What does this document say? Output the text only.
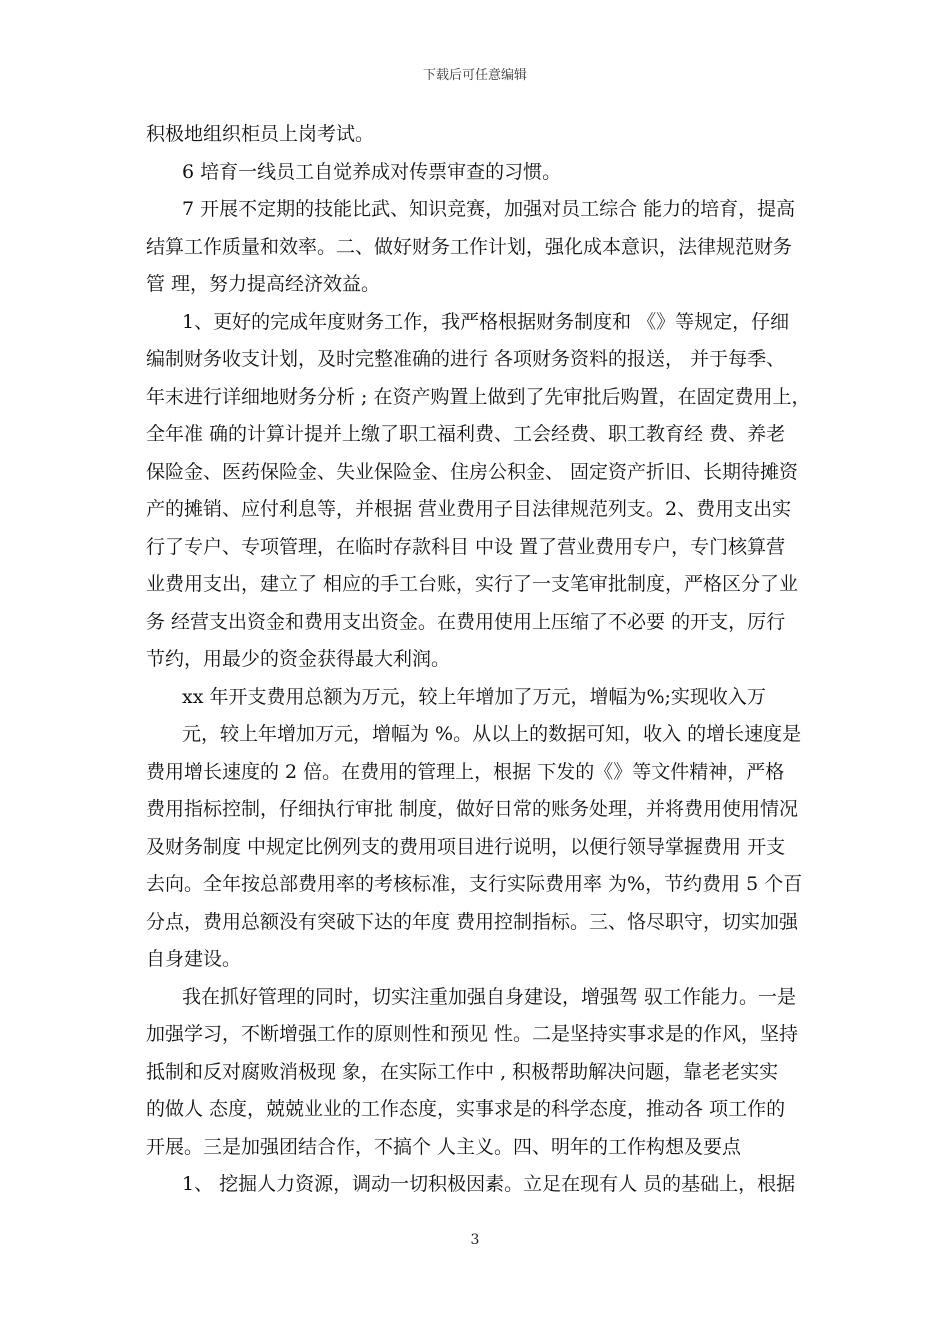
下载后可任意编辑
积极地组织柜员上岗考试。
6 培育一线员工自觉养成对传票审查的习惯。
7 开展不定期的技能比武、知识竞赛，加强对员工综合 能力的培育，提高
结算工作质量和效率。二、做好财务工作计划，强化成本意识，法律规范财务
管 理，努力提高经济效益。
1、更好的完成年度财务工作，我严格根据财务制度和 《》等规定，仔细
编制财务收支计划，及时完整准确的进行 各项财务资料的报送， 并于每季、
年末进行详细地财务分析 ; 在资产购置上做到了先审批后购置，在固定费用上，
全年准 确的计算计提并上缴了职工福利费、工会经费、职工教育经 费、养老
保险金、医药保险金、失业保险金、住房公积金、 固定资产折旧、长期待摊资
产的摊销、应付利息等，并根据 营业费用子目法律规范列支。2、费用支出实
行了专户、专项管理，在临时存款科目 中设 置了营业费用专户，专门核算营
业费用支出，建立了 相应的手工台账，实行了一支笔审批制度，严格区分了业
务 经营支出资金和费用支出资金。在费用使用上压缩了不必要 的开支，厉行
节约，用最少的资金获得最大利润。
xx 年开支费用总额为万元，较上年增加了万元，增幅为%;实现收入万
元，较上年增加万元，增幅为 %。从以上的数据可知，收入 的增长速度是
费用增长速度的 2 倍。在费用的管理上，根据 下发的《》等文件精神，严格
费用指标控制，仔细执行审批 制度，做好日常的账务处理，并将费用使用情况
及财务制度 中规定比例列支的费用项目进行说明，以便行领导掌握费用 开支
去向。全年按总部费用率的考核标准，支行实际费用率 为%，节约费用 5 个百
分点，费用总额没有突破下达的年度 费用控制指标。三、恪尽职守，切实加强
自身建设。
我在抓好管理的同时，切实注重加强自身建设，增强驾 驭工作能力。一是
加强学习，不断增强工作的原则性和预见 性。二是坚持实事求是的作风，坚持
抵制和反对腐败消极现 象，在实际工作中 , 积极帮助解决问题，靠老老实实
的做人 态度，兢兢业业的工作态度，实事求是的科学态度，推动各 项工作的
开展。三是加强团结合作，不搞个 人主义。四、明年的工作构想及要点
1、 挖掘人力资源，调动一切积极因素。立足在现有人 员的基础上，根据
3
